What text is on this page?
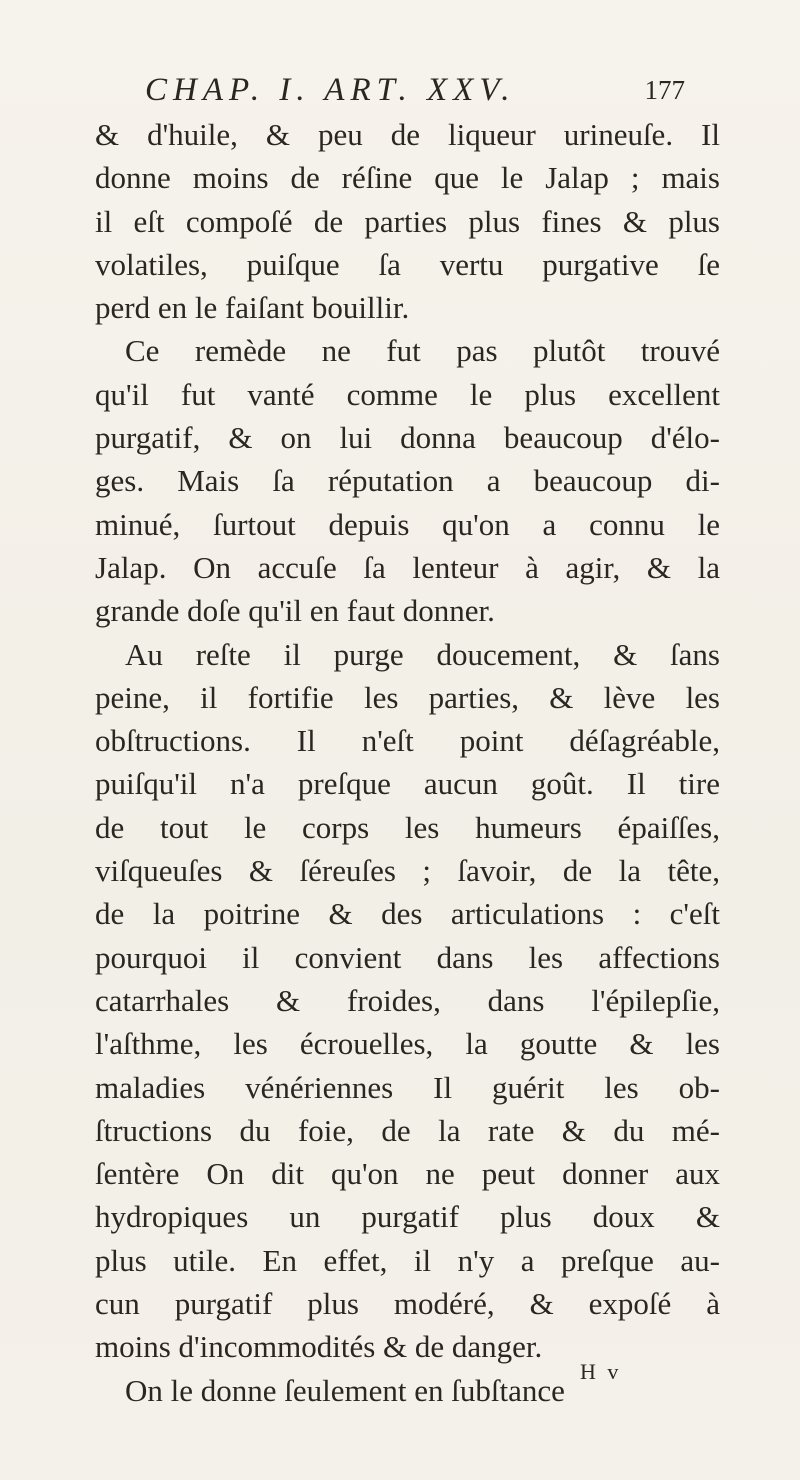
CHAP. I. ART. XXV.	177
& d'huile, & peu de liqueur urineuſe. Il
donne moins de réſine que le Jalap ; mais
il eſt compoſé de parties plus fines & plus
volatiles, puiſque ſa vertu purgative ſe
perd en le faiſant bouillir.
Ce remède ne fut pas plutôt trouvé
qu'il fut vanté comme le plus excellent
purgatif, & on lui donna beaucoup d'élo-
ges. Mais ſa réputation a beaucoup di-
minué, ſurtout depuis qu'on a connu le
Jalap. On accuſe ſa lenteur à agir, & la
grande doſe qu'il en faut donner.
Au reſte il purge doucement, & ſans
peine, il fortifie les parties, & lève les
obſtructions. Il n'eſt point déſagréable,
puiſqu'il n'a preſque aucun goût. Il tire
de tout le corps les humeurs épaiſſes,
viſqueuſes & ſéreuſes ; ſavoir, de la tête,
de la poitrine & des articulations : c'eſt
pourquoi il convient dans les affections
catarrhales & froides, dans l'épilepſie,
l'aſthme, les écrouelles, la goutte & les
maladies vénériennes Il guérit les ob-
ſtructions du foie, de la rate & du mé-
ſentère On dit qu'on ne peut donner aux
hydropiques un purgatif plus doux &
plus utile. En effet, il n'y a preſque au-
cun purgatif plus modéré, & expoſé à
moins d'incommodités & de danger.
On le donne ſeulement en ſubſtance
H v
